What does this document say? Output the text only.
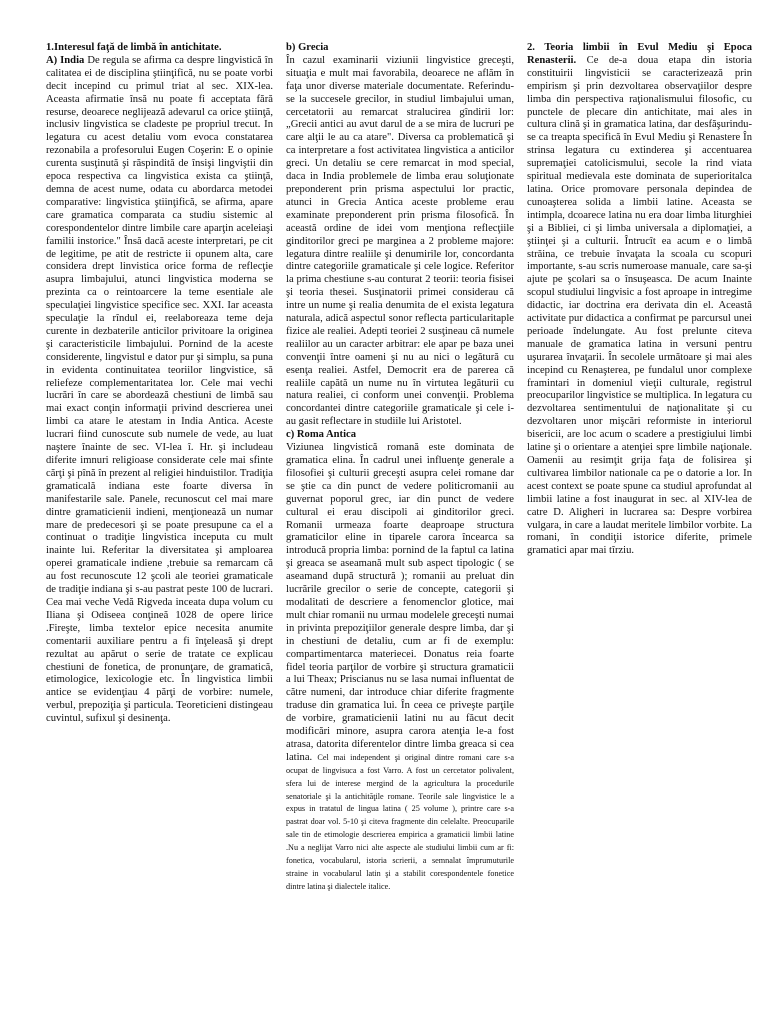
1.Interesul faţă de limbă în antichitate.
A) India De regula se afirma ca despre lingvistică în calitatea ei de disciplina ştiinţifică, nu se poate vorbi decit incepind cu primul triat al sec. XIX-lea. Aceasta afirmatie însă nu poate fi acceptata fără resurse, deoarece neglijează adevarul ca orice ştiinţă, inclusiv lingvistica se cladeste pe propriul trecut. In legatura cu acest detaliu vom evoca constatarea rezonabila a profesorului Eugen Coşerin: E o opinie curenta susţinută şi răspindită de însişi lingviştii din epoca respectiva ca lingvistica exista ca ştiinţă, demna de acest nume, odata cu abordarca metodei comparative: lingvistica ştiinţifică, se afirma, apare care gramatica comparata ca studiu sistemic al corespondentelor dintre limbile care aparţin aceleiaşi familii instorice." Însă dacă aceste interpretari, pe cit de legitime, pe atit de restricte ii opunem alta, care considera drept linvistica orice forma de reflecţie asupra limbajului, atunci lingvistica moderna se prezinta ca o reintoarcere la teme esentiale ale speculaţiei lingvistice specifice sec. XXI. Iar aceasta speculaţie la rîndul ei, reelaboreaza teme deja curente in dezbaterile anticilor privitoare la originea şi caracteristicile limbajului. Pornind de la aceste considerente, lingvistul e dator pur şi simplu, sa puna in evidenta continuitatea teoriilor lingvistice, să reliefeze complementaritatea lor. Cele mai vechi lucrări în care se abordează chestiuni de limbă sau mai exact conţin informaţii privind descrierea unei limbi ca atare le atestam in India Antica. Aceste lucrari fiind cunoscute sub numele de vede, au luat naştere înainte de sec. VI-lea î. Hr. şi includeau diferite imnuri religioase considerate cele mai sfinte cărţi şi pînă în prezent al religiei hinduistilor. Tradiţia gramaticală indiana este foarte diversa în manifestarile sale. Panele, recunoscut cel mai mare dintre gramaticienii indieni, menţionează un numar mare de predecesori şi se poate presupune ca el a continuat o tradiţie lingvistica inceputa cu mult inainte lui. Referitar la diversitatea şi amploarea operei gramaticale indiene ,trebuie sa remarcam că au fost recunoscute 12 şcoli ale teoriei gramaticale de tradiţie indiana şi s-au pastrat peste 100 de lucrari. Cea mai veche Vedă Rigveda inceata dupa volum cu Iliana şi Odiseea conţineă 1028 de opere lirice .Fireşte, limba textelor epice necesita anumite comentarii auxiliare pentru a fi înţeleasă şi drept rezultat au apărut o serie de tratate ce explicau chestiuni de fonetica, de pronunţare, de gramatică, etimologice, lexicologie etc. În lingvistica limbii antice se evidenţiau 4 părţi de vorbire: numele, verbul, prepoziţia şi particula. Teoreticieni distingeau cuvintul, sufixul şi desinenţa.

b) Grecia
În cazul examinarii viziunii lingvistice greceşti, situaţia e mult mai favorabila, deoarece ne aflăm în faţa unor diverse materiale documentate. Referindu-se la succesele grecilor, in studiul limbajului uman, cercetatorii au remarcat stralucirea gîndirii lor: „Grecii antici au avut darul de a se mira de lucruri pe care alţii le au ca atare". Diversa ca problematică şi ca interpretare a fost activitatea lingvistica a anticilor greci. Un detaliu se cere remarcat in mod special, daca in India problemele de limba erau soluţionate preponderent prin prisma aspectului lor practic, atunci in Grecia Antica aceste probleme erau examinate preponderent prin prisma filosofică. În această ordine de idei vom menţiona reflecţiile ginditorilor greci pe marginea a 2 probleme majore: legatura dintre realiile şi denumirile lor, concordanta dintre categoriile gramaticale şi cele logice. Referitor la prima chestiune s-au conturat 2 teorii: teoria fisisei şi teoria thesei. Susţinatorii primei considerau că intre un nume şi realia denumita de el exista legatura naturala, adică aspectul sonor reflecta particularitaple fizice ale realiei. Adepti teoriei 2 susţineau că numele realiilor au un caracter arbitrar: ele apar pe baza unei convenţii între oameni şi nu au nici o legătură cu esenţa realiei. Astfel, Democrit era de parerea că realiile capătă un nume nu în virtutea legăturii cu natura realiei, ci conform unei convenţii. Problema concordantei dintre categoriile gramaticale şi cele i-au gasit reflectare in studiile lui Aristotel.

c) Roma Antica
Viziunea lingvistică romană este dominata de gramatica elina. În cadrul unei influenţe generale a filosofiei şi culturii greceşti asupra celei romane dar se ştie ca din punct de vedere politicromanii au guvernat poporul grec, iar din punct de vedere cultural ei erau discipoli ai ginditorilor greci. Romanii urmeaza foarte deaproape structura gramaticilor eline in tiparele carora încearca sa introducă propria limba: pornind de la faptul ca latina şi greaca se aseamană mult sub aspect tipologic ( se aseamand după structură ); romanii au preluat din lucrările grecilor o serie de concepte, categorii şi modalitati de descriere a fenomenclor glotice, mai mult chiar romanii nu urmau modelele greceşti numai in privinta prepoziţiilor generale despre limba, dar şi in chestiuni de detaliu, cum ar fi de exemplu: compartimentarca materiecei. Donatus reia foarte fidel teoria parţilor de vorbire şi structura gramaticii a lui Theax; Priscianus nu se lasa numai influentat de către numeni, dar introduce chiar diferite fragmente traduse din gramatica lui. În ceea ce priveşte parţile de vorbire, gramaticienii latini nu au făcut decit modificări minore, asupra carora atenţia le-a fost atrasa, datorita diferentelor dintre limba greaca si cea latina. Cel mai independent şi original dintre romani care s-a ocupat de lingvisuca a fost Varro. A fost un cercetator polivalent, sfera lui de interese mergind de la agricultura la procedurile senatoriale şi la antichităţile romane. Teorile sale lingvistice le a expus in tratatul de lingua latina ( 25 volume ), printre care s-a pastrat doar vol. 5-10 şi citeva fragmente din celelalte. Preocuparile sale tin de etimologie descrierea empirica a gramaticii limbii latine .Nu a neglijat Varro nici alte aspecte ale studiului limbii cum ar fi: fonetica, vocabularul, istoria scrierii, a semnalat împrumuturile straine in vocabularul latin şi a stabilit corespondentele fonetice dintre latina şi dialectele italice.

2. Teoria limbii în Evul Mediu şi Epoca Renasterii. Ce de-a doua etapa din istoria constituirii lingvisticii se caracterizează prin empirism şi prin dezvoltarea observaţiilor despre limba din perspectiva raţionalismului filosofic, cu punctele de plecare din antichitate, mai ales in cultura clină şi in gramatica latina, dar desfăşurindu-se ca treapta specifică în Evul Mediu şi Renastere În strinsa legatura cu extinderea şi accentuarea supremaţiei catolicismului, secole la rind viata spiritual medievala este dominata de superioritalca latina. Orice promovare personala depindea de cunoaşterea solida a limbii latine. Aceasta se intimpla, dcoarece latina nu era doar limba liturghiei şi a Bibliei, ci şi limba universala a diplomaţiei, a ştiinţei şi a culturii. Întrucît ea acum e o limbă străina, ce trebuie învaţata la scoala cu scopuri importante, s-au scris numeroase manuale, care sa-şi ajute pe şcolari sa o însuşeasca. De acum Inainte scopul studiului lingvisic a fost aproape in intregime didactic, iar doctrina era derivata din el. Această activitate pur didactica a confirmat pe parcursul unei perioade îndelungate. Au fost prelunte citeva manuale de gramatica latina in versuni pentru uşurarea învaţarii. În secolele următoare şi mai ales incepind cu Renaşterea, pe fundalul unor complexe framintari in domeniul vieţii culturale, registrul preocuparilor lingvistice se multiplica. In legatura cu dezvoltarea sentimentului de naţionalitate şi cu dezvoltaren unor mişcări reformiste in interiorul bisericii, are loc acum o scadere a prestigiului limbi latine şi o orientare a atenţiei spre limbile naţionale. Oamenii au resimţit grija faţa de folisirea şi cultivarea limbilor nationale ca pe o datorie a lor. In acest context se poate spune ca studiul aprofundat al limbii latine a fost inaugurat in sec. al XIV-lea de catre D. Aligheri in lucrarea sa: Despre vorbirea vulgara, in care a laudat meritele limbilor vorbite. La romani, în condiţii istorice diferite, primele gramatici apar mai tîrziu.
